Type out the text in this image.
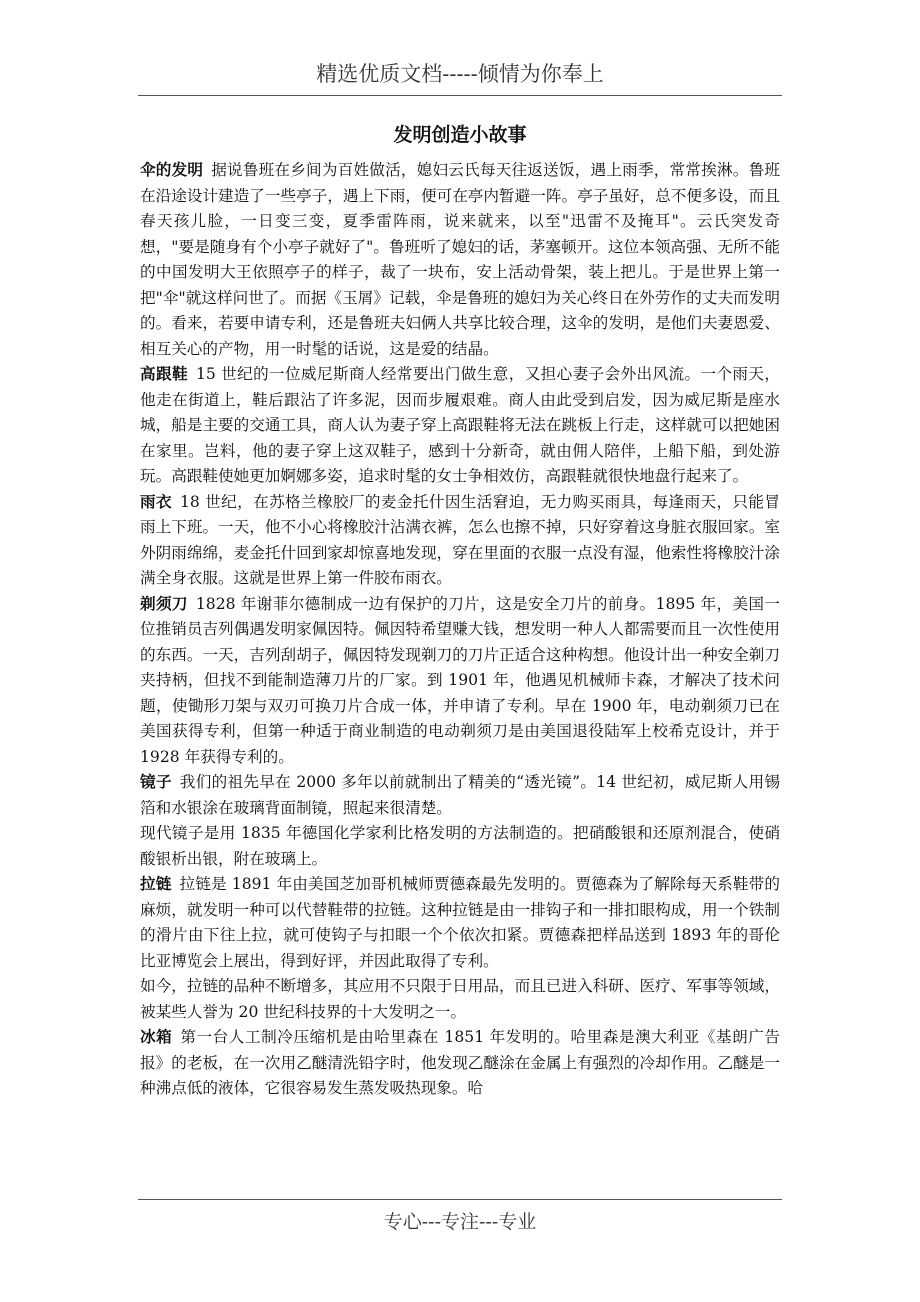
精选优质文档-----倾情为你奉上
发明创造小故事

伞的发明 据说鲁班在乡间为百姓做活，媳妇云氏每天往返送饭，遇上雨季，常常挨淋。鲁班在沿途设计建造了一些亭子，遇上下雨，便可在亭内暂避一阵。亭子虽好，总不便多设，而且春天孩儿脸，一日变三变，夏季雷阵雨，说来就来，以至"迅雷不及掩耳"。云氏突发奇想，"要是随身有个小亭子就好了"。鲁班听了媳妇的话，茅塞顿开。这位本领高强、无所不能的中国发明大王依照亭子的样子，裁了一块布，安上活动骨架，装上把儿。于是世界上第一把"伞"就这样问世了。而据《玉屑》记载，伞是鲁班的媳妇为关心终日在外劳作的丈夫而发明的。看来，若要申请专利，还是鲁班夫妇俩人共享比较合理，这伞的发明，是他们夫妻恩爱、相互关心的产物，用一时髦的话说，这是爱的结晶。

高跟鞋 15 世纪的一位威尼斯商人经常要出门做生意，又担心妻子会外出风流。一个雨天，他走在街道上，鞋后跟沾了许多泥，因而步履艰难。商人由此受到启发，因为威尼斯是座水城，船是主要的交通工具，商人认为妻子穿上高跟鞋将无法在跳板上行走，这样就可以把她困在家里。岂料，他的妻子穿上这双鞋子，感到十分新奇，就由佣人陪伴，上船下船，到处游玩。高跟鞋使她更加婀娜多姿，追求时髦的女士争相效仿，高跟鞋就很快地盘行起来了。

雨衣 18 世纪，在苏格兰橡胶厂的麦金托什因生活窘迫，无力购买雨具，每逢雨天，只能冒雨上下班。一天，他不小心将橡胶汁沾满衣裤，怎么也擦不掉，只好穿着这身脏衣服回家。室外阴雨绵绵，麦金托什回到家却惊喜地发现，穿在里面的衣服一点没有湿，他索性将橡胶汁涂满全身衣服。这就是世界上第一件胶布雨衣。

剃须刀 1828 年谢菲尔德制成一边有保护的刀片，这是安全刀片的前身。1895 年，美国一位推销员吉列偶遇发明家佩因特。佩因特希望赚大钱，想发明一种人人都需要而且一次性使用的东西。一天，吉列刮胡子，佩因特发现剃刀的刀片正适合这种构想。他设计出一种安全剃刀夹持柄，但找不到能制造薄刀片的厂家。到 1901 年，他遇见机械师卡森，才解决了技术问题，使锄形刀架与双刃可换刀片合成一体，并申请了专利。早在 1900 年，电动剃须刀已在美国获得专利，但第一种适于商业制造的电动剃须刀是由美国退役陆军上校希克设计，并于 1928 年获得专利的。

镜子 我们的祖先早在 2000 多年以前就制出了精美的“透光镜”。14 世纪初，威尼斯人用锡箔和水银涂在玻璃背面制镜，照起来很清楚。

现代镜子是用 1835 年德国化学家利比格发明的方法制造的。把硝酸银和还原剂混合，使硝酸银析出银，附在玻璃上。

拉链 拉链是 1891 年由美国芝加哥机械师贾德森最先发明的。贾德森为了解除每天系鞋带的麻烦，就发明一种可以代替鞋带的拉链。这种拉链是由一排钩子和一排扣眼构成，用一个铁制的滑片由下往上拉，就可使钩子与扣眼一个个依次扣紧。贾德森把样品送到 1893 年的哥伦比亚博览会上展出，得到好评，并因此取得了专利。

如今，拉链的品种不断增多，其应用不只限于日用品，而且已进入科研、医疗、军事等领域，被某些人誉为 20 世纪科技界的十大发明之一。

冰箱 第一台人工制冷压缩机是由哈里森在 1851 年发明的。哈里森是澳大利亚《基朗广告报》的老板，在一次用乙醚清洗铅字时，他发现乙醚涂在金属上有强烈的冷却作用。乙醚是一种沸点低的液体，它很容易发生蒸发吸热现象。哈

专心---专注---专业
